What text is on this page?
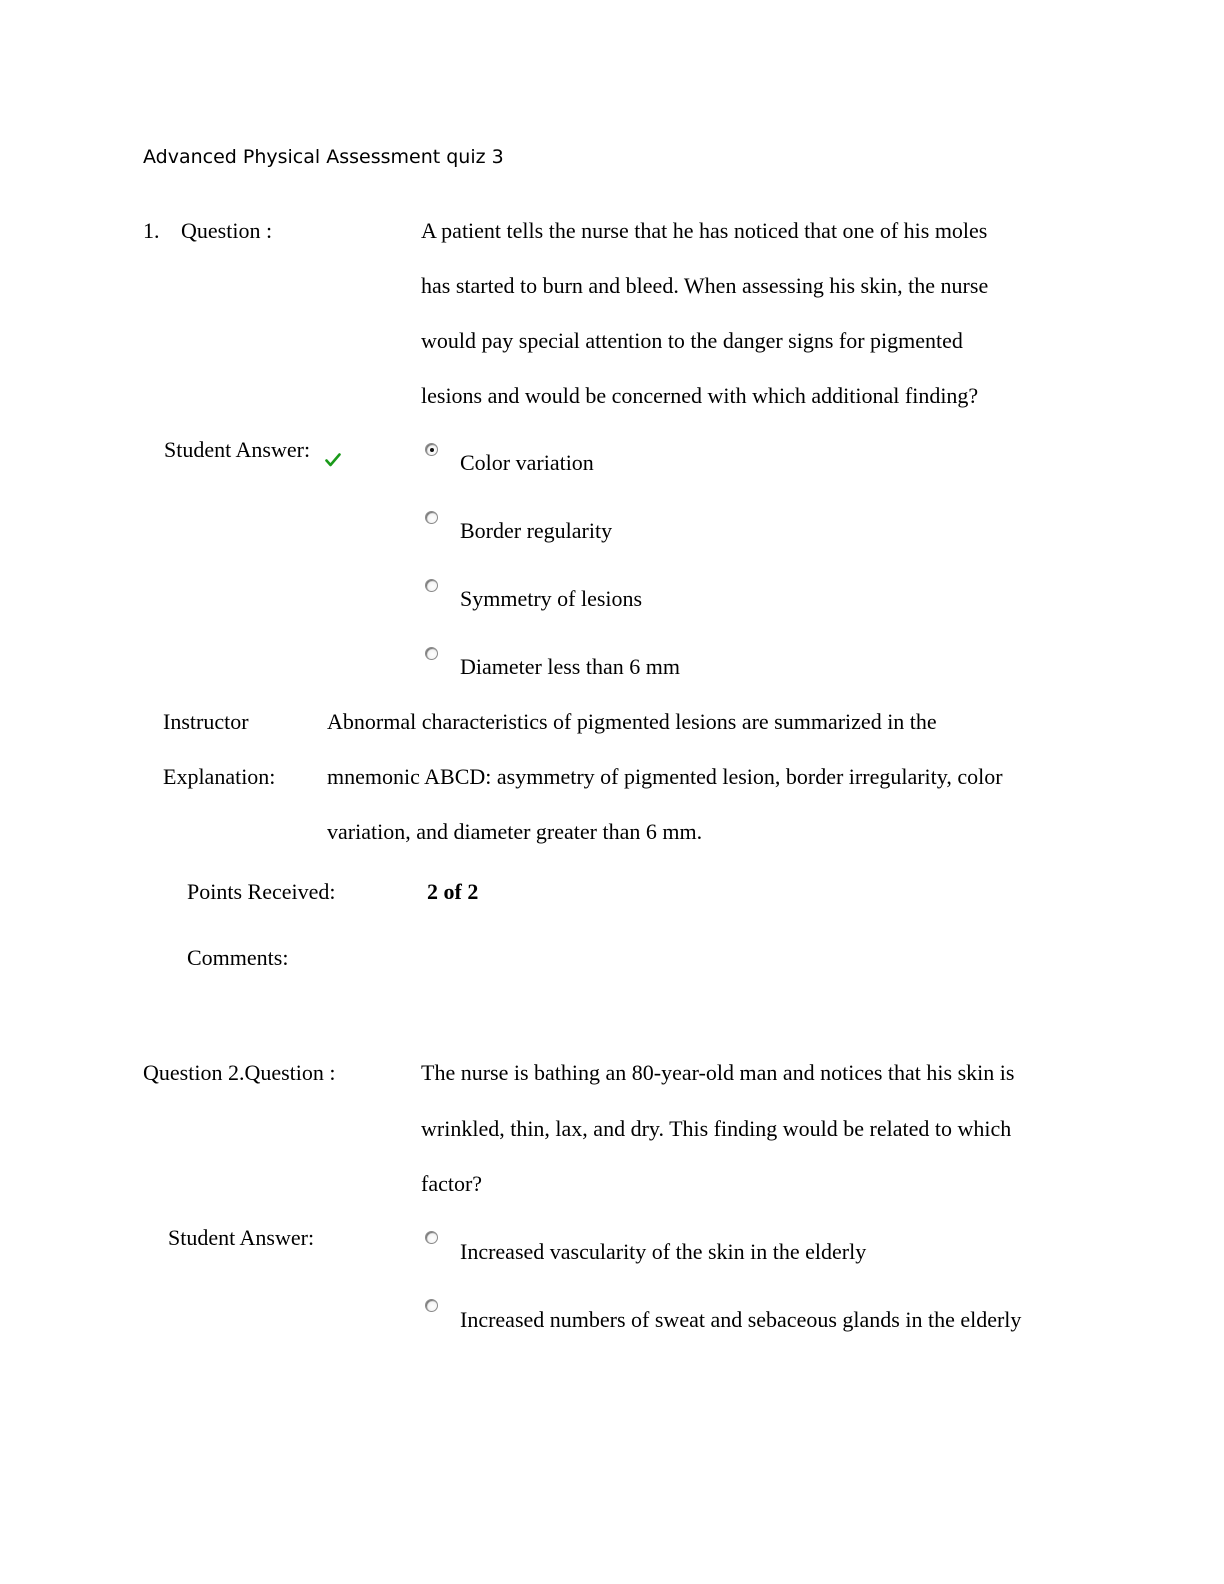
Advanced Physical Assessment quiz 3
1. Question :	A patient tells the nurse that he has noticed that one of his moles
has started to burn and bleed. When assessing his skin, the nurse
would pay special attention to the danger signs for pigmented
lesions and would be concerned with which additional finding?
Student Answer:
Color variation
Border regularity
Symmetry of lesions
Diameter less than 6 mm
Instructor
Explanation:
Abnormal characteristics of pigmented lesions are summarized in the
mnemonic ABCD: asymmetry of pigmented lesion, border irregularity, color
variation, and diameter greater than 6 mm.
Points Received:	2 of 2
Comments:
Question 2.Question :	The nurse is bathing an 80-year-old man and notices that his skin is
wrinkled, thin, lax, and dry. This finding would be related to which
factor?
Student Answer:
Increased vascularity of the skin in the elderly
Increased numbers of sweat and sebaceous glands in the elderly
